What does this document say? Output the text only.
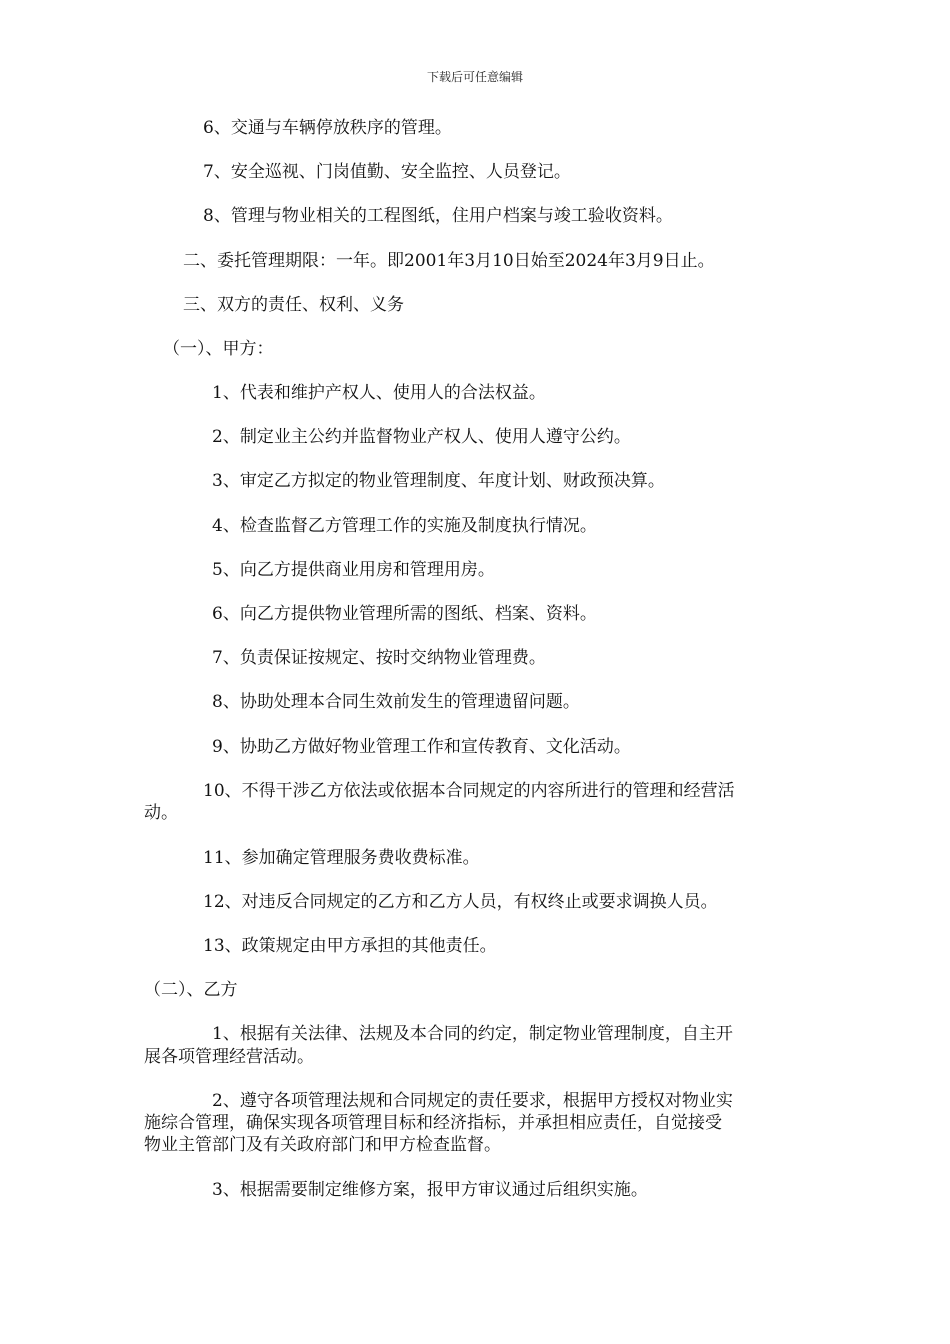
下载后可任意编辑
6、交通与车辆停放秩序的管理。
7、安全巡视、门岗值勤、安全监控、人员登记。
8、管理与物业相关的工程图纸，住用户档案与竣工验收资料。
二、委托管理期限：一年。即2001年3月10日始至2024年3月9日止。
三、双方的责任、权利、义务
（一）、甲方：
1、代表和维护产权人、使用人的合法权益。
2、制定业主公约并监督物业产权人、使用人遵守公约。
3、审定乙方拟定的物业管理制度、年度计划、财政预决算。
4、检查监督乙方管理工作的实施及制度执行情况。
5、向乙方提供商业用房和管理用房。
6、向乙方提供物业管理所需的图纸、档案、资料。
7、负责保证按规定、按时交纳物业管理费。
8、协助处理本合同生效前发生的管理遗留问题。
9、协助乙方做好物业管理工作和宣传教育、文化活动。
10、不得干涉乙方依法或依据本合同规定的内容所进行的管理和经营活
动。
11、参加确定管理服务费收费标准。
12、对违反合同规定的乙方和乙方人员，有权终止或要求调换人员。
13、政策规定由甲方承担的其他责任。
（二）、乙方
1、根据有关法律、法规及本合同的约定，制定物业管理制度，自主开
展各项管理经营活动。
2、遵守各项管理法规和合同规定的责任要求，根据甲方授权对物业实
施综合管理，确保实现各项管理目标和经济指标，并承担相应责任，自觉接受
物业主管部门及有关政府部门和甲方检查监督。
3、根据需要制定维修方案，报甲方审议通过后组织实施。
